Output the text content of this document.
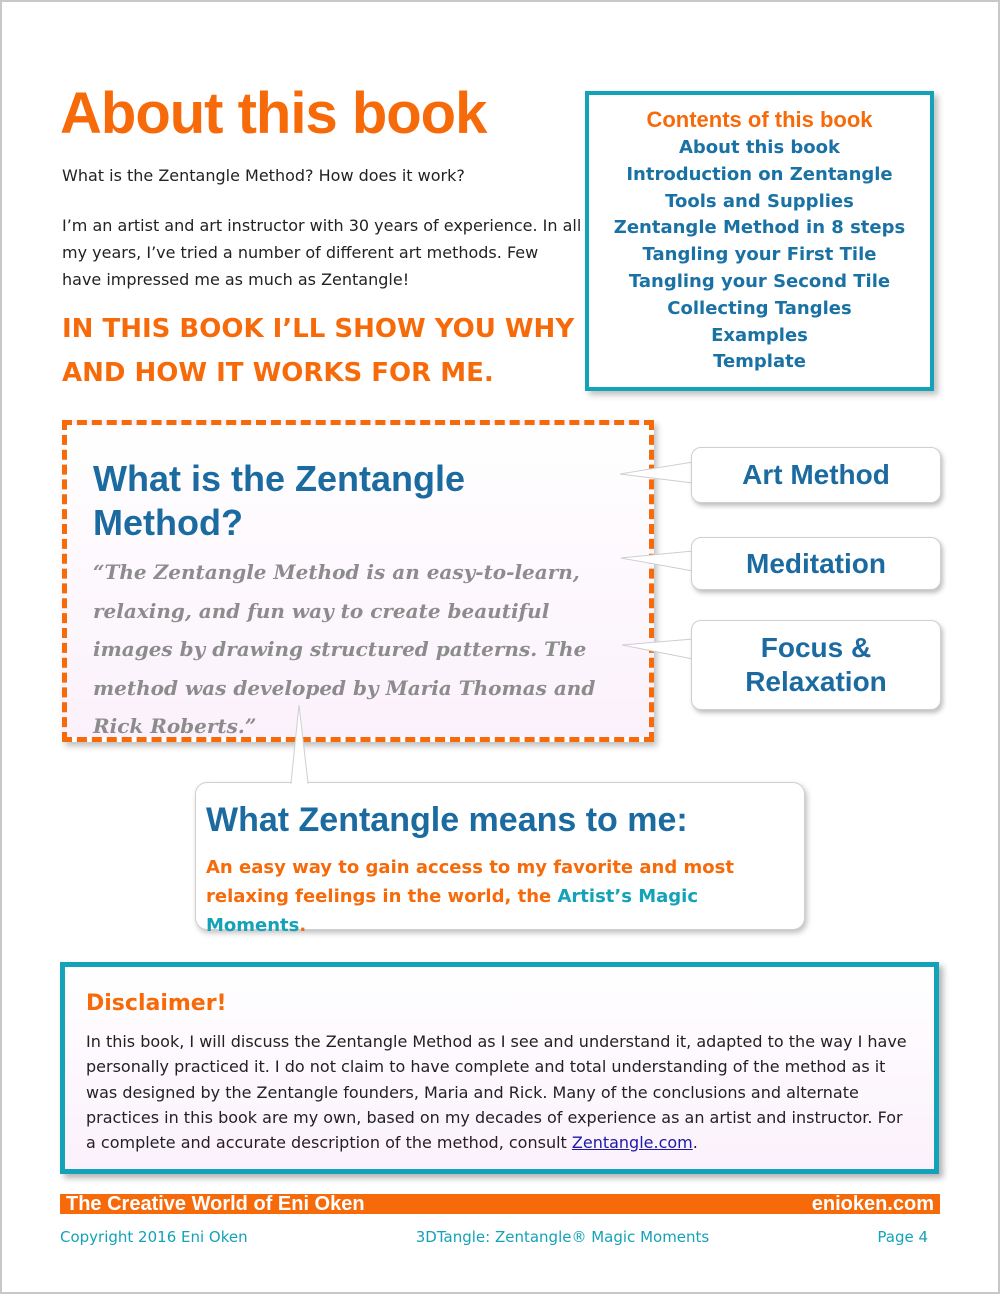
About this book

What is the Zentangle Method? How does it work?

I’m an artist and art instructor with 30 years of experience. In all my years, I’ve tried a number of different art methods. Few have impressed me as much as Zentangle!

IN THIS BOOK I’LL SHOW YOU WHY AND HOW IT WORKS FOR ME.

Contents of this book
About this book
Introduction on Zentangle
Tools and Supplies
Zentangle Method in 8 steps
Tangling your First Tile
Tangling your Second Tile
Collecting Tangles
Examples
Template
What is the Zentangle Method?

“The Zentangle Method is an easy-to-learn, relaxing, and fun way to create beautiful images by drawing structured patterns. The method was developed by Maria Thomas and Rick Roberts.”

Art Method
Meditation
Focus & Relaxation
What Zentangle means to me:

An easy way to gain access to my favorite and most relaxing feelings in the world, the Artist’s Magic Moments.

Disclaimer!

In this book, I will discuss the Zentangle Method as I see and understand it, adapted to the way I have personally practiced it. I do not claim to have complete and total understanding of the method as it was designed by the Zentangle founders, Maria and Rick. Many of the conclusions and alternate practices in this book are my own, based on my decades of experience as an artist and instructor. For a complete and accurate description of the method, consult Zentangle.com.

The Creative World of Eni Oken	enioken.com
Copyright 2016 Eni Oken	3DTangle: Zentangle® Magic Moments	Page 4
